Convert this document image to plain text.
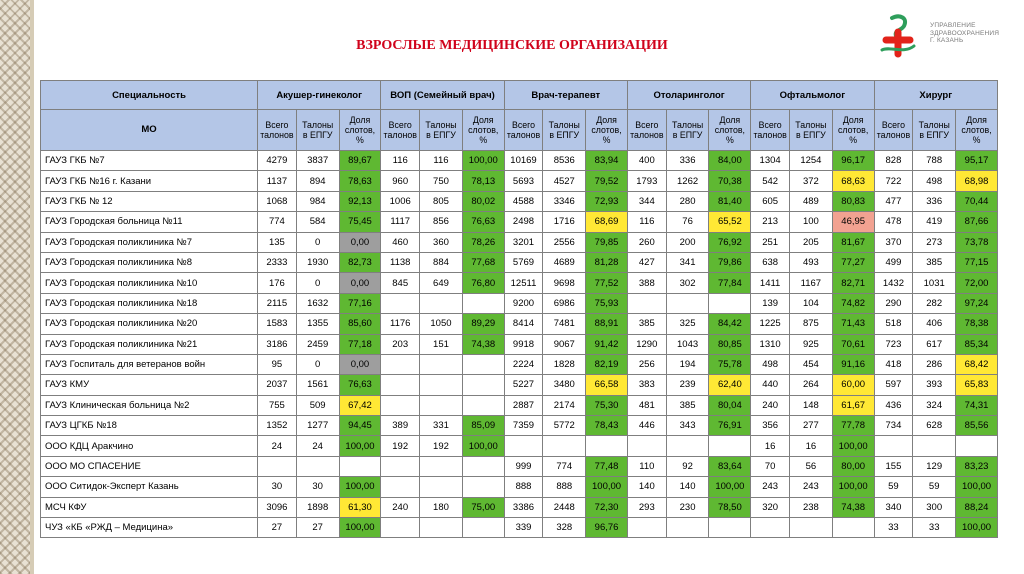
ВЗРОСЛЫЕ МЕДИЦИНСКИЕ ОРГАНИЗАЦИИ
УПРАВЛЕНИЕ
ЗДРАВООХРАНЕНИЯ
Г. КАЗАНЬ
Специальность	Акушер-гинеколог			ВОП (Семейный врач)			Врач-терапевт			Отоларинголог			Офтальмолог			Хирург		
МО	Всего талонов	Талоны в ЕПГУ	Доля слотов, %	Всего талонов	Талоны в ЕПГУ	Доля слотов, %	Всего талонов	Талоны в ЕПГУ	Доля слотов, %	Всего талонов	Талоны в ЕПГУ	Доля слотов, %	Всего талонов	Талоны в ЕПГУ	Доля слотов, %	Всего талонов	Талоны в ЕПГУ	Доля слотов, %
ГАУЗ ГКБ №7	4279	3837	89,67	116	116	100,00	10169	8536	83,94	400	336	84,00	1304	1254	96,17	828	788	95,17
ГАУЗ ГКБ №16 г. Казани	1137	894	78,63	960	750	78,13	5693	4527	79,52	1793	1262	70,38	542	372	68,63	722	498	68,98
ГАУЗ ГКБ № 12	1068	984	92,13	1006	805	80,02	4588	3346	72,93	344	280	81,40	605	489	80,83	477	336	70,44
ГАУЗ Городская больница №11	774	584	75,45	1117	856	76,63	2498	1716	68,69	116	76	65,52	213	100	46,95	478	419	87,66
ГАУЗ Городская поликлиника №7	135	0	0,00	460	360	78,26	3201	2556	79,85	260	200	76,92	251	205	81,67	370	273	73,78
ГАУЗ Городская поликлиника №8	2333	1930	82,73	1138	884	77,68	5769	4689	81,28	427	341	79,86	638	493	77,27	499	385	77,15
ГАУЗ Городская поликлиника №10	176	0	0,00	845	649	76,80	12511	9698	77,52	388	302	77,84	1411	1167	82,71	1432	1031	72,00
ГАУЗ Городская поликлиника №18	2115	1632	77,16				9200	6986	75,93				139	104	74,82	290	282	97,24
ГАУЗ Городская поликлиника №20	1583	1355	85,60	1176	1050	89,29	8414	7481	88,91	385	325	84,42	1225	875	71,43	518	406	78,38
ГАУЗ Городская поликлиника №21	3186	2459	77,18	203	151	74,38	9918	9067	91,42	1290	1043	80,85	1310	925	70,61	723	617	85,34
ГАУЗ Госпиталь для ветеранов войн	95	0	0,00				2224	1828	82,19	256	194	75,78	498	454	91,16	418	286	68,42
ГАУЗ КМУ	2037	1561	76,63				5227	3480	66,58	383	239	62,40	440	264	60,00	597	393	65,83
ГАУЗ Клиническая больница №2	755	509	67,42				2887	2174	75,30	481	385	80,04	240	148	61,67	436	324	74,31
ГАУЗ ЦГКБ №18	1352	1277	94,45	389	331	85,09	7359	5772	78,43	446	343	76,91	356	277	77,78	734	628	85,56
ООО КДЦ Аракчино	24	24	100,00	192	192	100,00							16	16	100,00			
ООО МО СПАСЕНИЕ							999	774	77,48	110	92	83,64	70	56	80,00	155	129	83,23
ООО Ситидок-Эксперт Казань	30	30	100,00				888	888	100,00	140	140	100,00	243	243	100,00	59	59	100,00
МСЧ КФУ	3096	1898	61,30	240	180	75,00	3386	2448	72,30	293	230	78,50	320	238	74,38	340	300	88,24
ЧУЗ «КБ «РЖД – Медицина»	27	27	100,00				339	328	96,76							33	33	100,00
